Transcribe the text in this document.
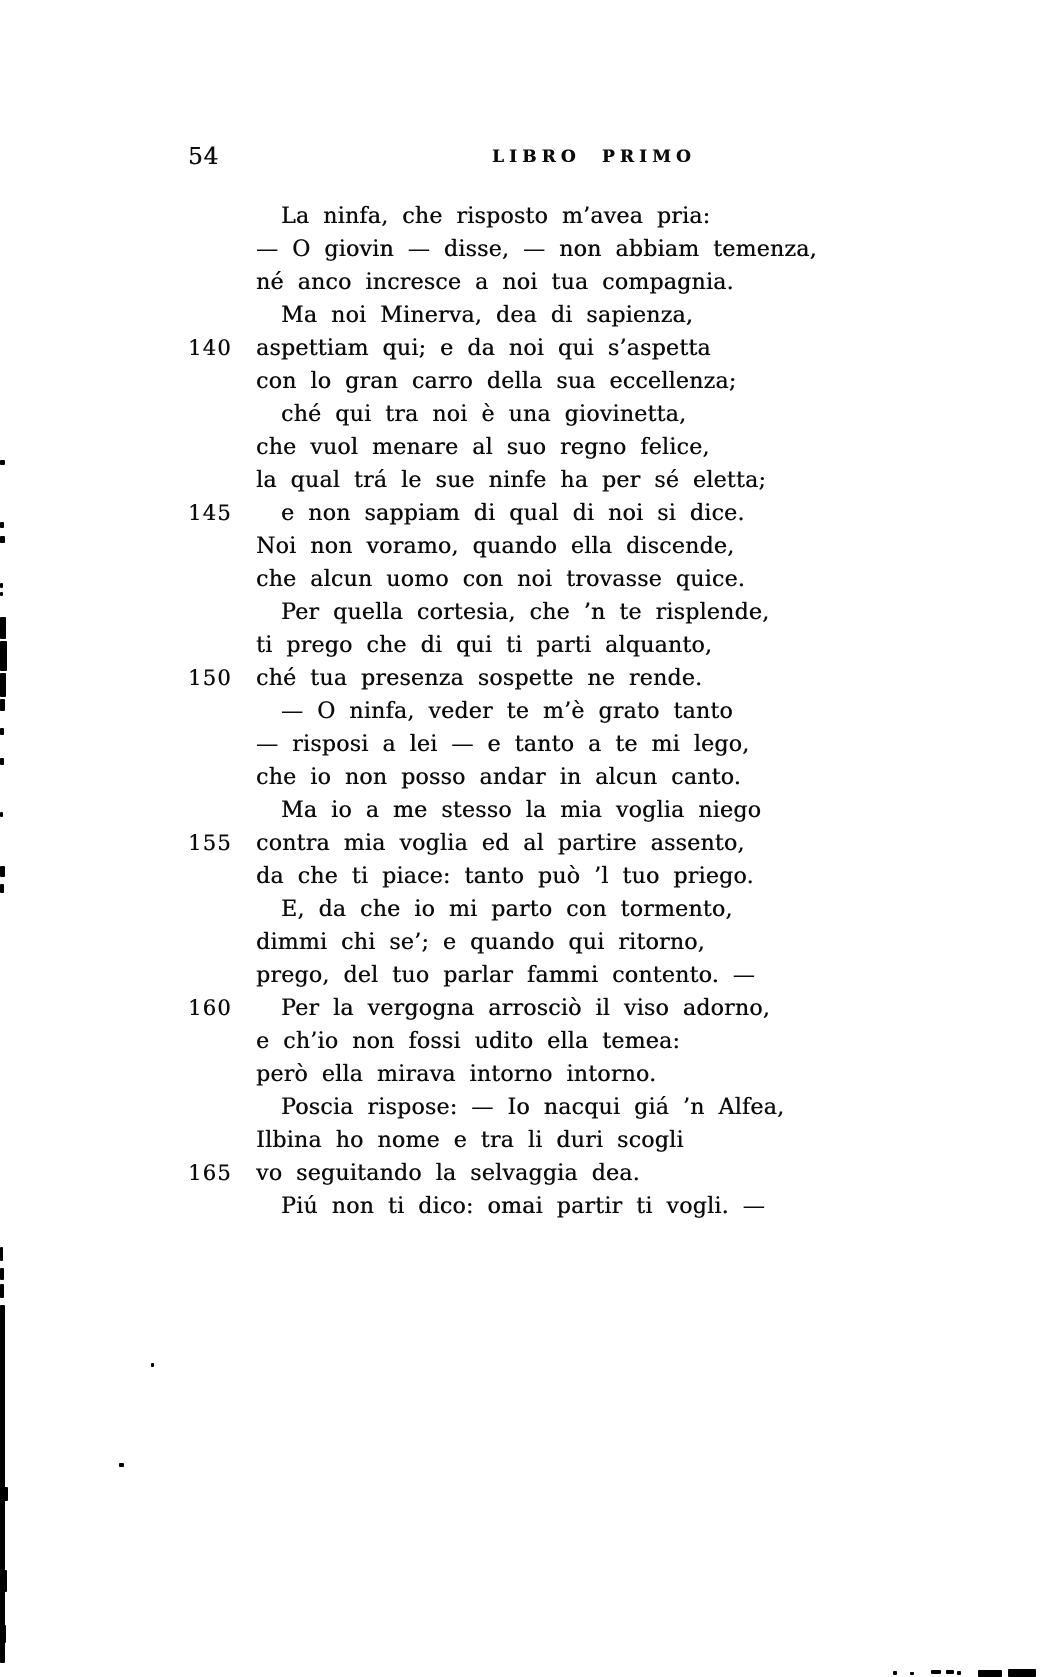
54	LIBRO PRIMO
La ninfa, che risposto m’avea pria:
— O giovin — disse, — non abbiam temenza,
né anco incresce a noi tua compagnia.
Ma noi Minerva, dea di sapienza,
140 aspettiam qui; e da noi qui s’aspetta
con lo gran carro della sua eccellenza;
ché qui tra noi è una giovinetta,
che vuol menare al suo regno felice,
la qual trá le sue ninfe ha per sé eletta;
145 e non sappiam di qual di noi si dice.
Noi non voramo, quando ella discende,
che alcun uomo con noi trovasse quice.
Per quella cortesia, che ’n te risplende,
ti prego che di qui ti parti alquanto,
150 ché tua presenza sospette ne rende.
— O ninfa, veder te m’è grato tanto
— risposi a lei — e tanto a te mi lego,
che io non posso andar in alcun canto.
Ma io a me stesso la mia voglia niego
155 contra mia voglia ed al partire assento,
da che ti piace: tanto può ’l tuo priego.
E, da che io mi parto con tormento,
dimmi chi se’; e quando qui ritorno,
prego, del tuo parlar fammi contento. —
160 Per la vergogna arrosciò il viso adorno,
e ch’io non fossi udito ella temea:
però ella mirava intorno intorno.
Poscia rispose: — Io nacqui giá ’n Alfea,
Ilbina ho nome e tra li duri scogli
165 vo seguitando la selvaggia dea.
Piú non ti dico: omai partir ti vogli. —
